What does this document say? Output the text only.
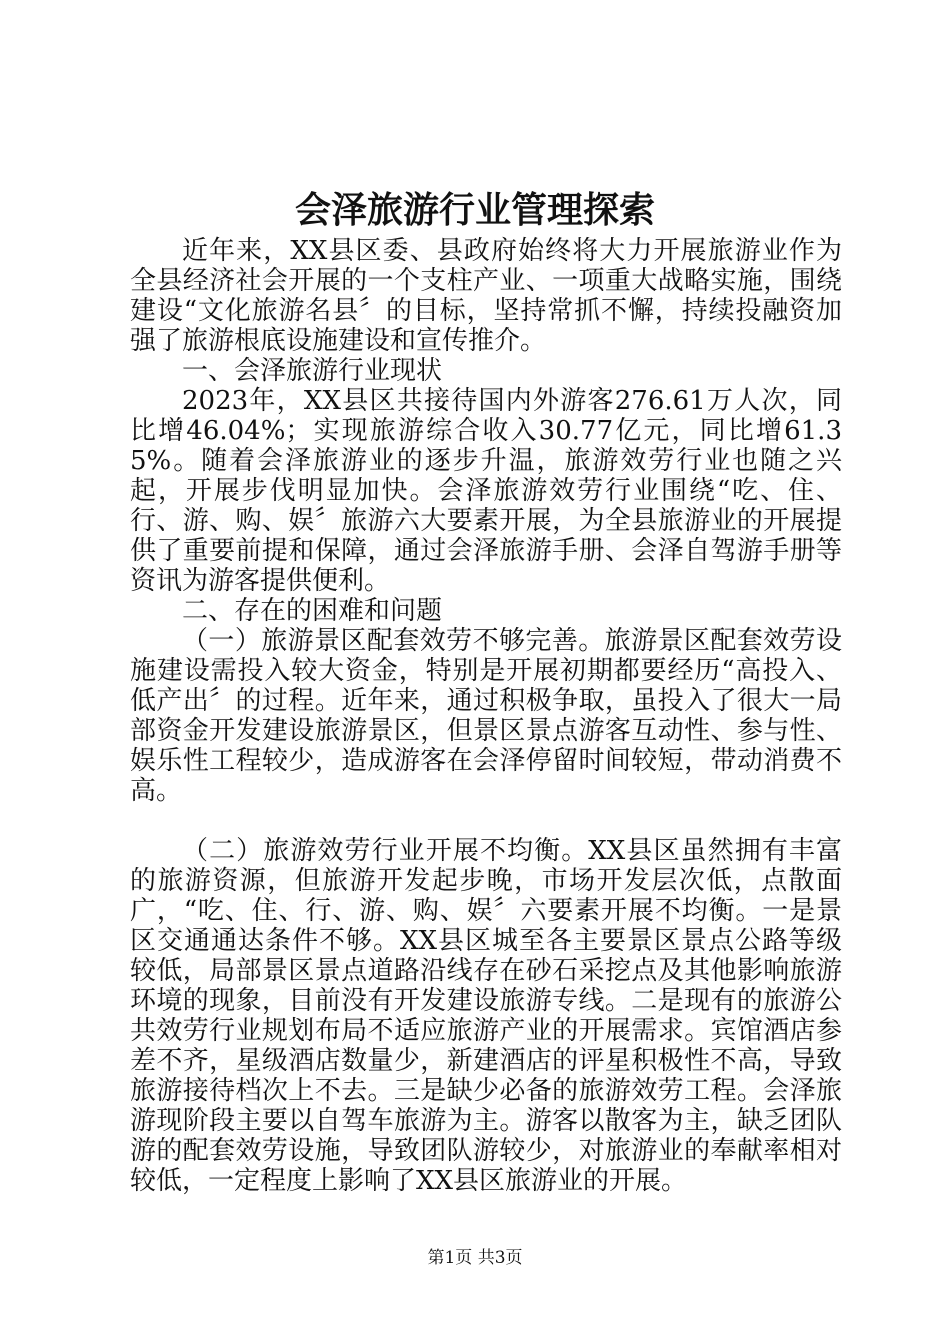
会泽旅游行业管理探索

近年来，XX县区委、县政府始终将大力开展旅游业作为全县经济社会开展的一个支柱产业、一项重大战略实施，围绕建设“文化旅游名县〞的目标，坚持常抓不懈，持续投融资加强了旅游根底设施建设和宣传推介。

一、会泽旅游行业现状

2023年，XX县区共接待国内外游客276.61万人次，同比增46.04%；实现旅游综合收入30.77亿元，同比增61.35%。随着会泽旅游业的逐步升温，旅游效劳行业也随之兴起，开展步伐明显加快。会泽旅游效劳行业围绕“吃、住、行、游、购、娱〞旅游六大要素开展，为全县旅游业的开展提供了重要前提和保障，通过会泽旅游手册、会泽自驾游手册等资讯为游客提供便利。

二、存在的困难和问题

（一）旅游景区配套效劳不够完善。旅游景区配套效劳设施建设需投入较大资金，特别是开展初期都要经历“高投入、低产出〞的过程。近年来，通过积极争取，虽投入了很大一局部资金开发建设旅游景区，但景区景点游客互动性、参与性、娱乐性工程较少，造成游客在会泽停留时间较短，带动消费不高。

（二）旅游效劳行业开展不均衡。XX县区虽然拥有丰富的旅游资源，但旅游开发起步晚，市场开发层次低，点散面广，“吃、住、行、游、购、娱〞六要素开展不均衡。一是景区交通通达条件不够。XX县区城至各主要景区景点公路等级较低，局部景区景点道路沿线存在砂石采挖点及其他影响旅游环境的现象，目前没有开发建设旅游专线。二是现有的旅游公共效劳行业规划布局不适应旅游产业的开展需求。宾馆酒店参差不齐，星级酒店数量少，新建酒店的评星积极性不高，导致旅游接待档次上不去。三是缺少必备的旅游效劳工程。会泽旅游现阶段主要以自驾车旅游为主。游客以散客为主，缺乏团队游的配套效劳设施，导致团队游较少，对旅游业的奉献率相对较低，一定程度上影响了XX县区旅游业的开展。

第1页 共3页
